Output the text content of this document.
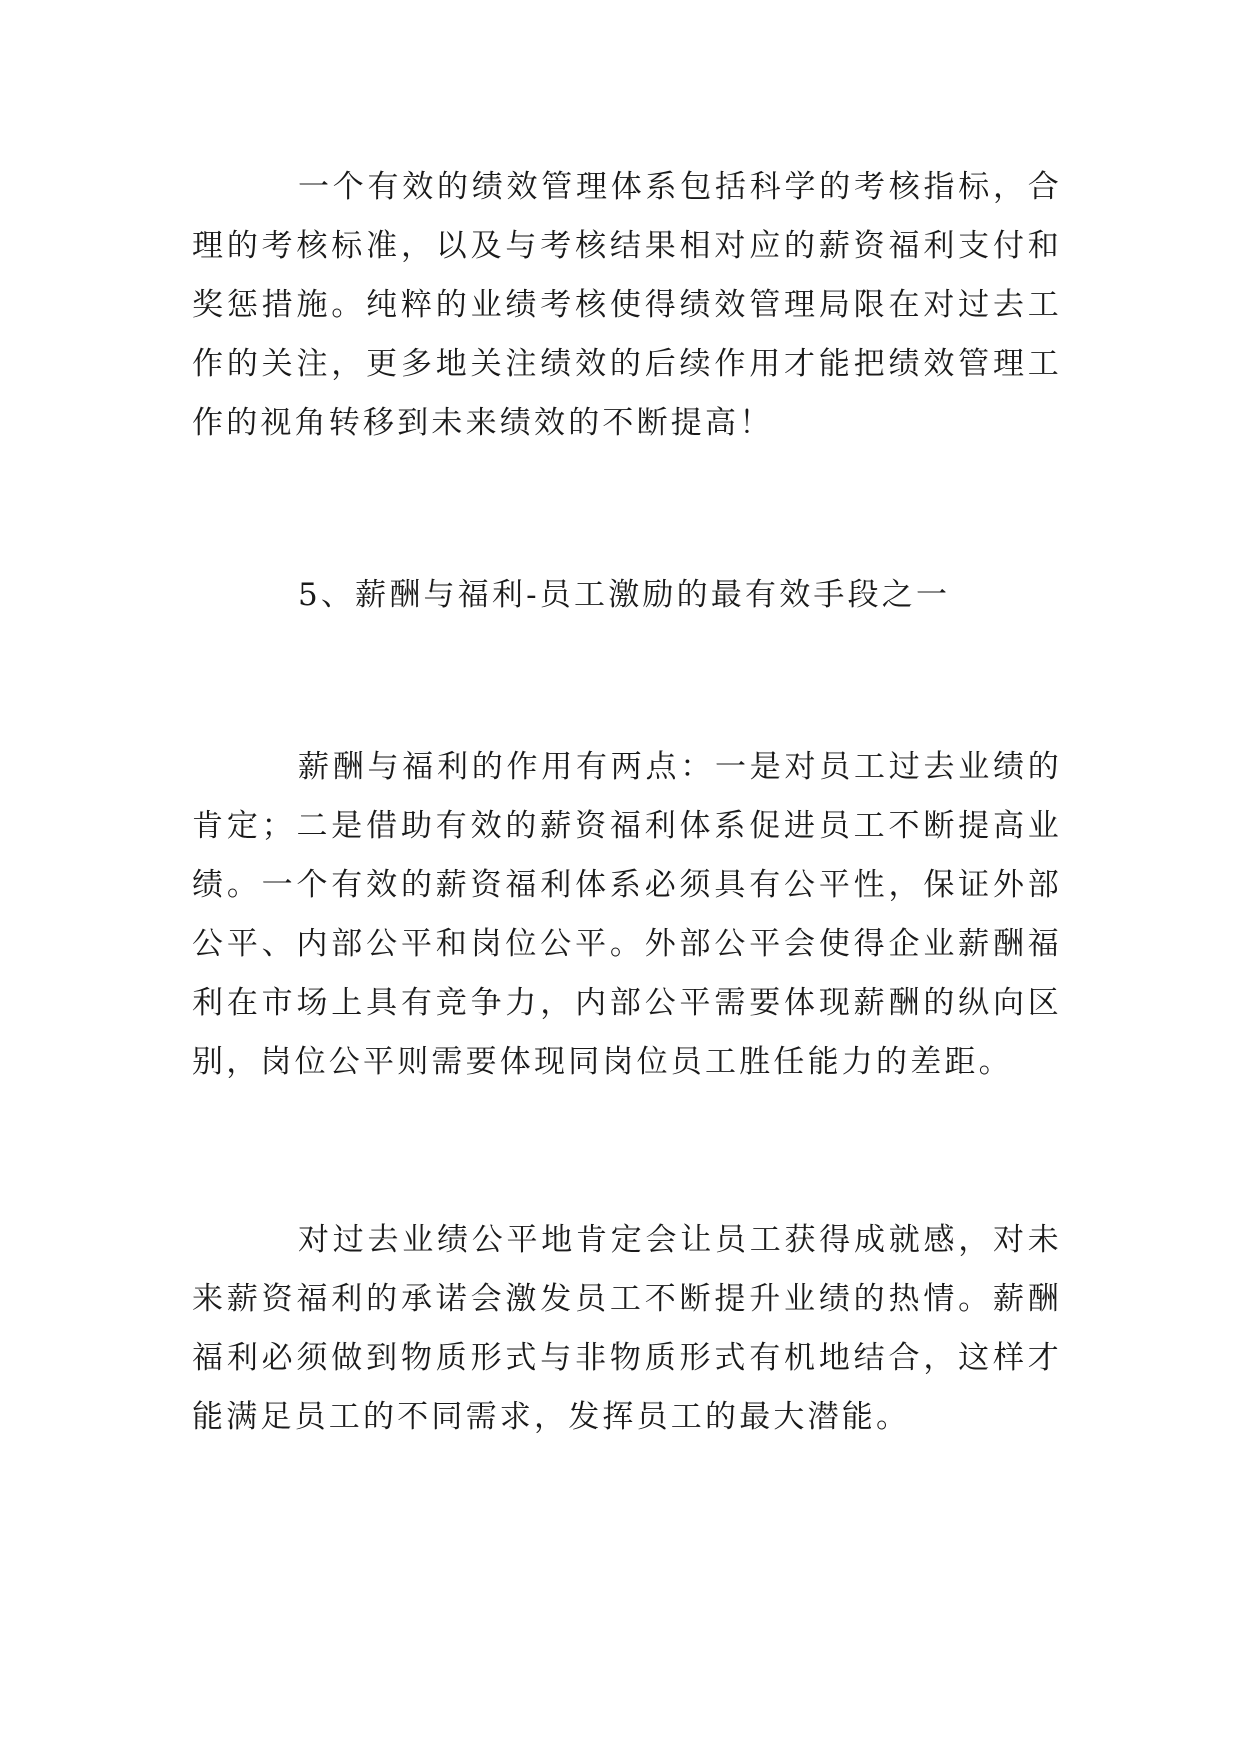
一个有效的绩效管理体系包括科学的考核指标，合理的考核标准，以及与考核结果相对应的薪资福利支付和奖惩措施。纯粹的业绩考核使得绩效管理局限在对过去工作的关注，更多地关注绩效的后续作用才能把绩效管理工作的视角转移到未来绩效的不断提高！

5、薪酬与福利-员工激励的最有效手段之一

薪酬与福利的作用有两点：一是对员工过去业绩的肯定；二是借助有效的薪资福利体系促进员工不断提高业绩。一个有效的薪资福利体系必须具有公平性，保证外部公平、内部公平和岗位公平。外部公平会使得企业薪酬福利在市场上具有竞争力，内部公平需要体现薪酬的纵向区别，岗位公平则需要体现同岗位员工胜任能力的差距。

对过去业绩公平地肯定会让员工获得成就感，对未来薪资福利的承诺会激发员工不断提升业绩的热情。薪酬福利必须做到物质形式与非物质形式有机地结合，这样才能满足员工的不同需求，发挥员工的最大潜能。
